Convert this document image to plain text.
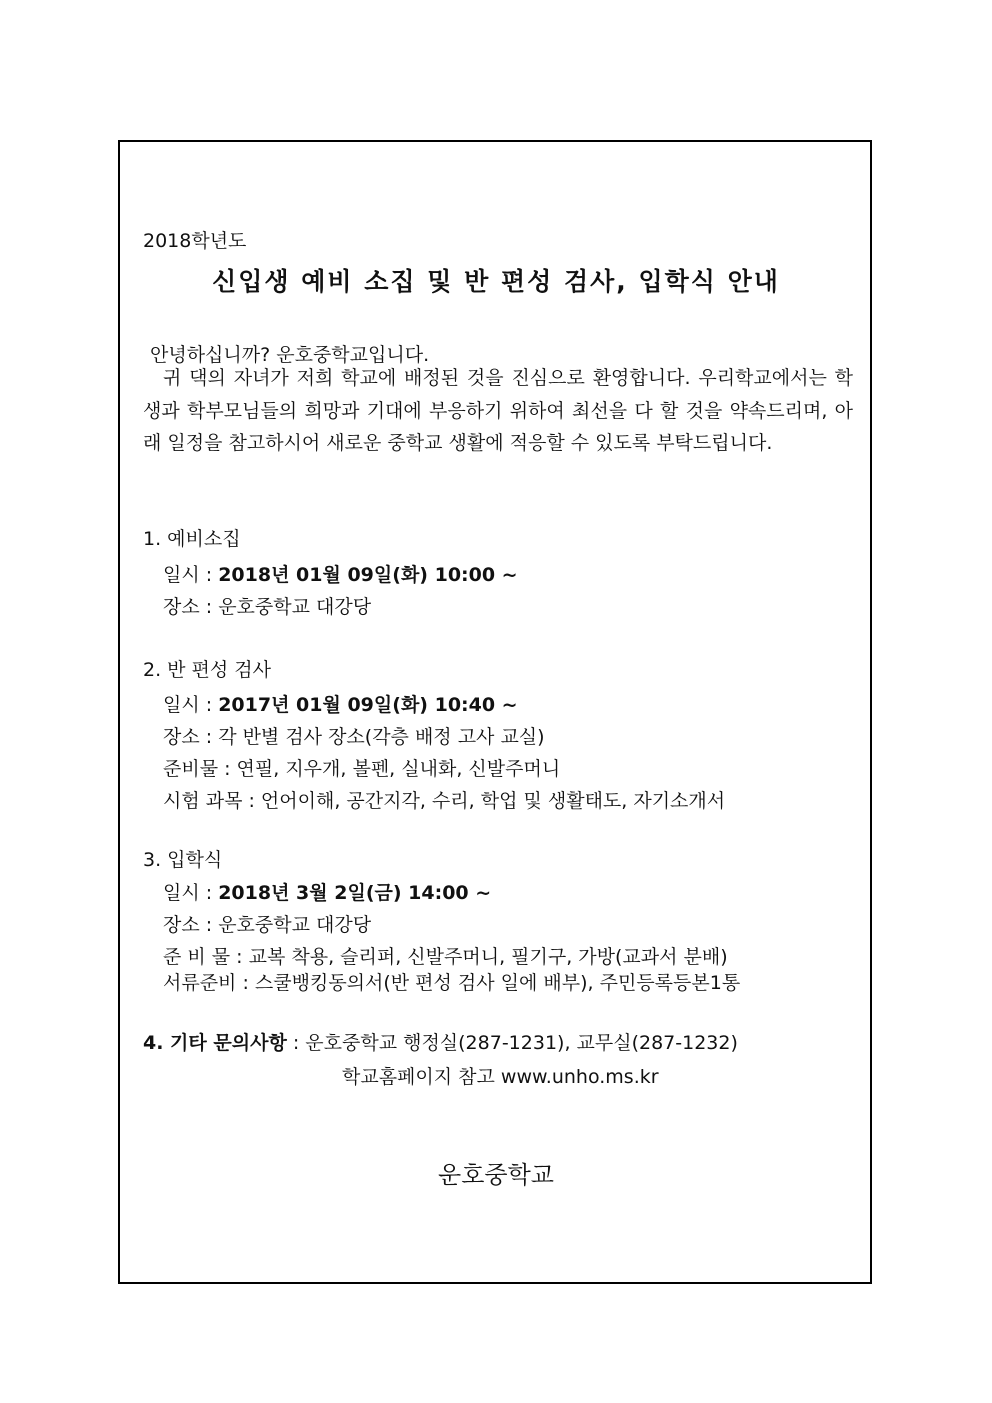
2018학년도
신입생 예비 소집 및 반 편성 검사, 입학식 안내
안녕하십니까? 운호중학교입니다.
귀 댁의 자녀가 저희 학교에 배정된 것을 진심으로 환영합니다. 우리학교에서는 학생과 학부모님들의 희망과 기대에 부응하기 위하여 최선을 다 할 것을 약속드리며, 아래 일정을 참고하시어 새로운 중학교 생활에 적응할 수 있도록 부탁드립니다.
1. 예비소집
일시 : 2018년 01월 09일(화) 10:00 ~
장소 : 운호중학교 대강당
2. 반 편성 검사
일시 : 2017년 01월 09일(화) 10:40 ~
장소 : 각 반별 검사 장소(각층 배정 고사 교실)
준비물 : 연필, 지우개, 볼펜, 실내화, 신발주머니
시험 과목 : 언어이해, 공간지각, 수리, 학업 및 생활태도, 자기소개서
3. 입학식
일시 : 2018년 3월 2일(금) 14:00 ~
장소 : 운호중학교 대강당
준 비 물 : 교복 착용, 슬리퍼, 신발주머니, 필기구, 가방(교과서 분배)
서류준비 : 스쿨뱅킹동의서(반 편성 검사 일에 배부), 주민등록등본1통
4. 기타 문의사항 : 운호중학교 행정실(287-1231), 교무실(287-1232)
학교홈페이지 참고 www.unho.ms.kr
운호중학교
